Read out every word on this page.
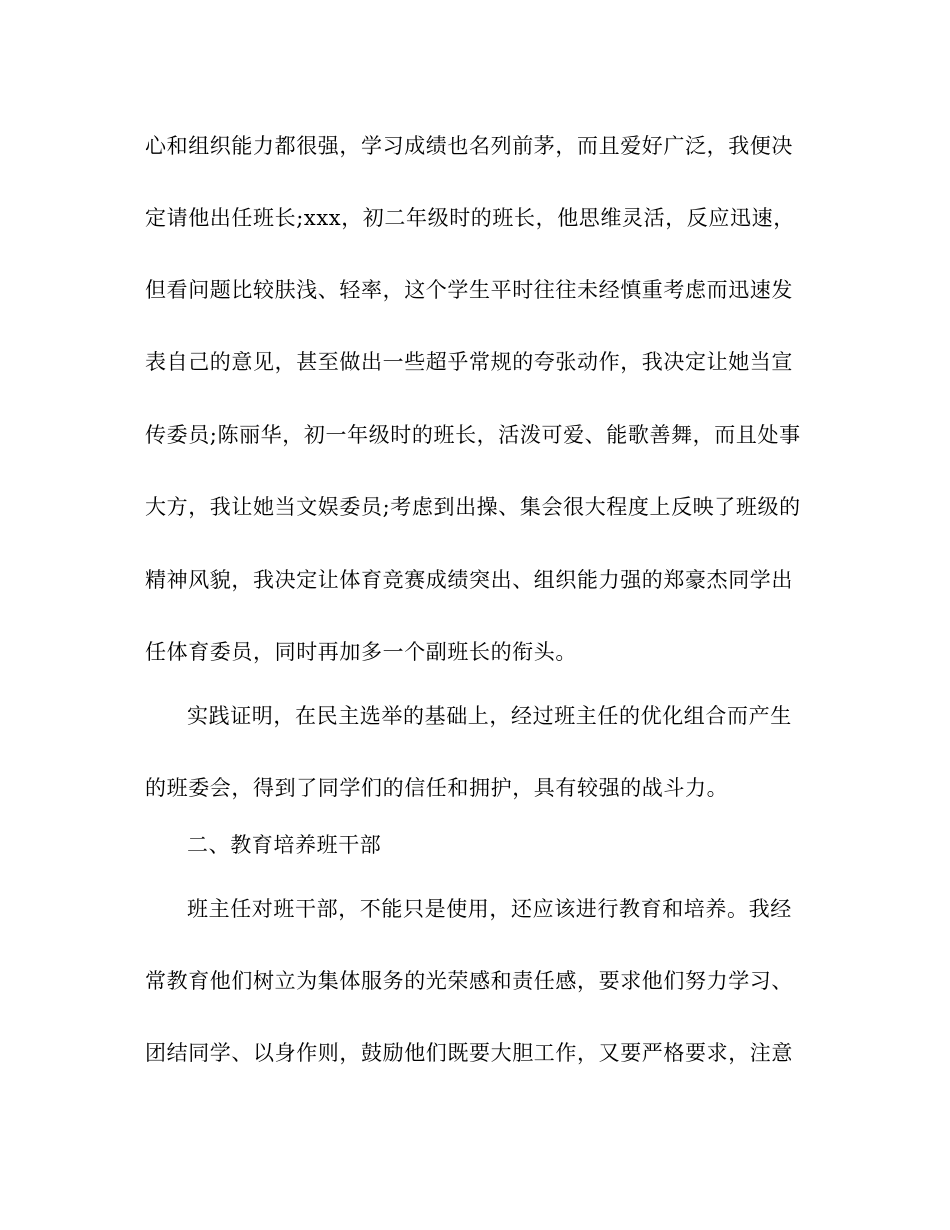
心和组织能力都很强，学习成绩也名列前茅，而且爱好广泛，我便决
定请他出任班长;xxx，初二年级时的班长，他思维灵活，反应迅速，
但看问题比较肤浅、轻率，这个学生平时往往未经慎重考虑而迅速发
表自己的意见，甚至做出一些超乎常规的夸张动作，我决定让她当宣
传委员;陈丽华，初一年级时的班长，活泼可爱、能歌善舞，而且处事
大方，我让她当文娱委员;考虑到出操、集会很大程度上反映了班级的
精神风貌，我决定让体育竞赛成绩突出、组织能力强的郑豪杰同学出
任体育委员，同时再加多一个副班长的衔头。
实践证明，在民主选举的基础上，经过班主任的优化组合而产生
的班委会，得到了同学们的信任和拥护，具有较强的战斗力。
二、教育培养班干部
班主任对班干部，不能只是使用，还应该进行教育和培养。我经
常教育他们树立为集体服务的光荣感和责任感，要求他们努力学习、
团结同学、以身作则，鼓励他们既要大胆工作，又要严格要求，注意
